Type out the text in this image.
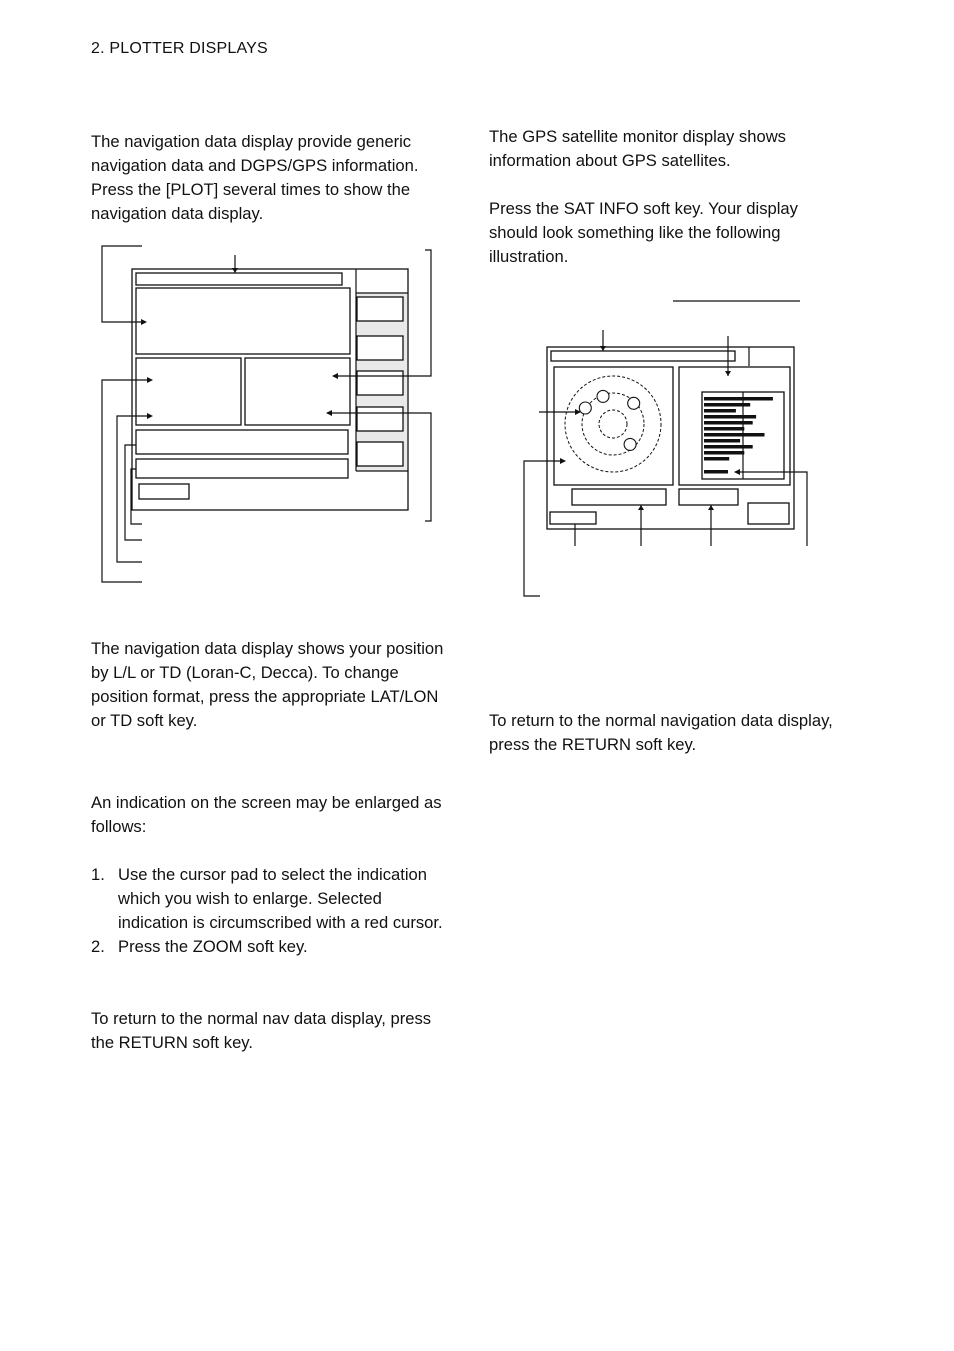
2. PLOTTER DISPLAYS

The navigation data display provide generic navigation data and DGPS/GPS information. Press the [PLOT] several times to show the navigation data display.

The navigation data display shows your position by L/L or TD (Loran-C, Decca). To change position format, press the appropriate LAT/LON or TD soft key.

An indication on the screen may be enlarged as follows:

1. Use the cursor pad to select the indication which you wish to enlarge. Selected indication is circumscribed with a red cursor.
2. Press the ZOOM soft key.

To return to the normal nav data display, press the RETURN soft key.

The GPS satellite monitor display shows information about GPS satellites.

Press the SAT INFO soft key. Your display should look something like the following illustration.

To return to the normal navigation data display, press the RETURN soft key.
